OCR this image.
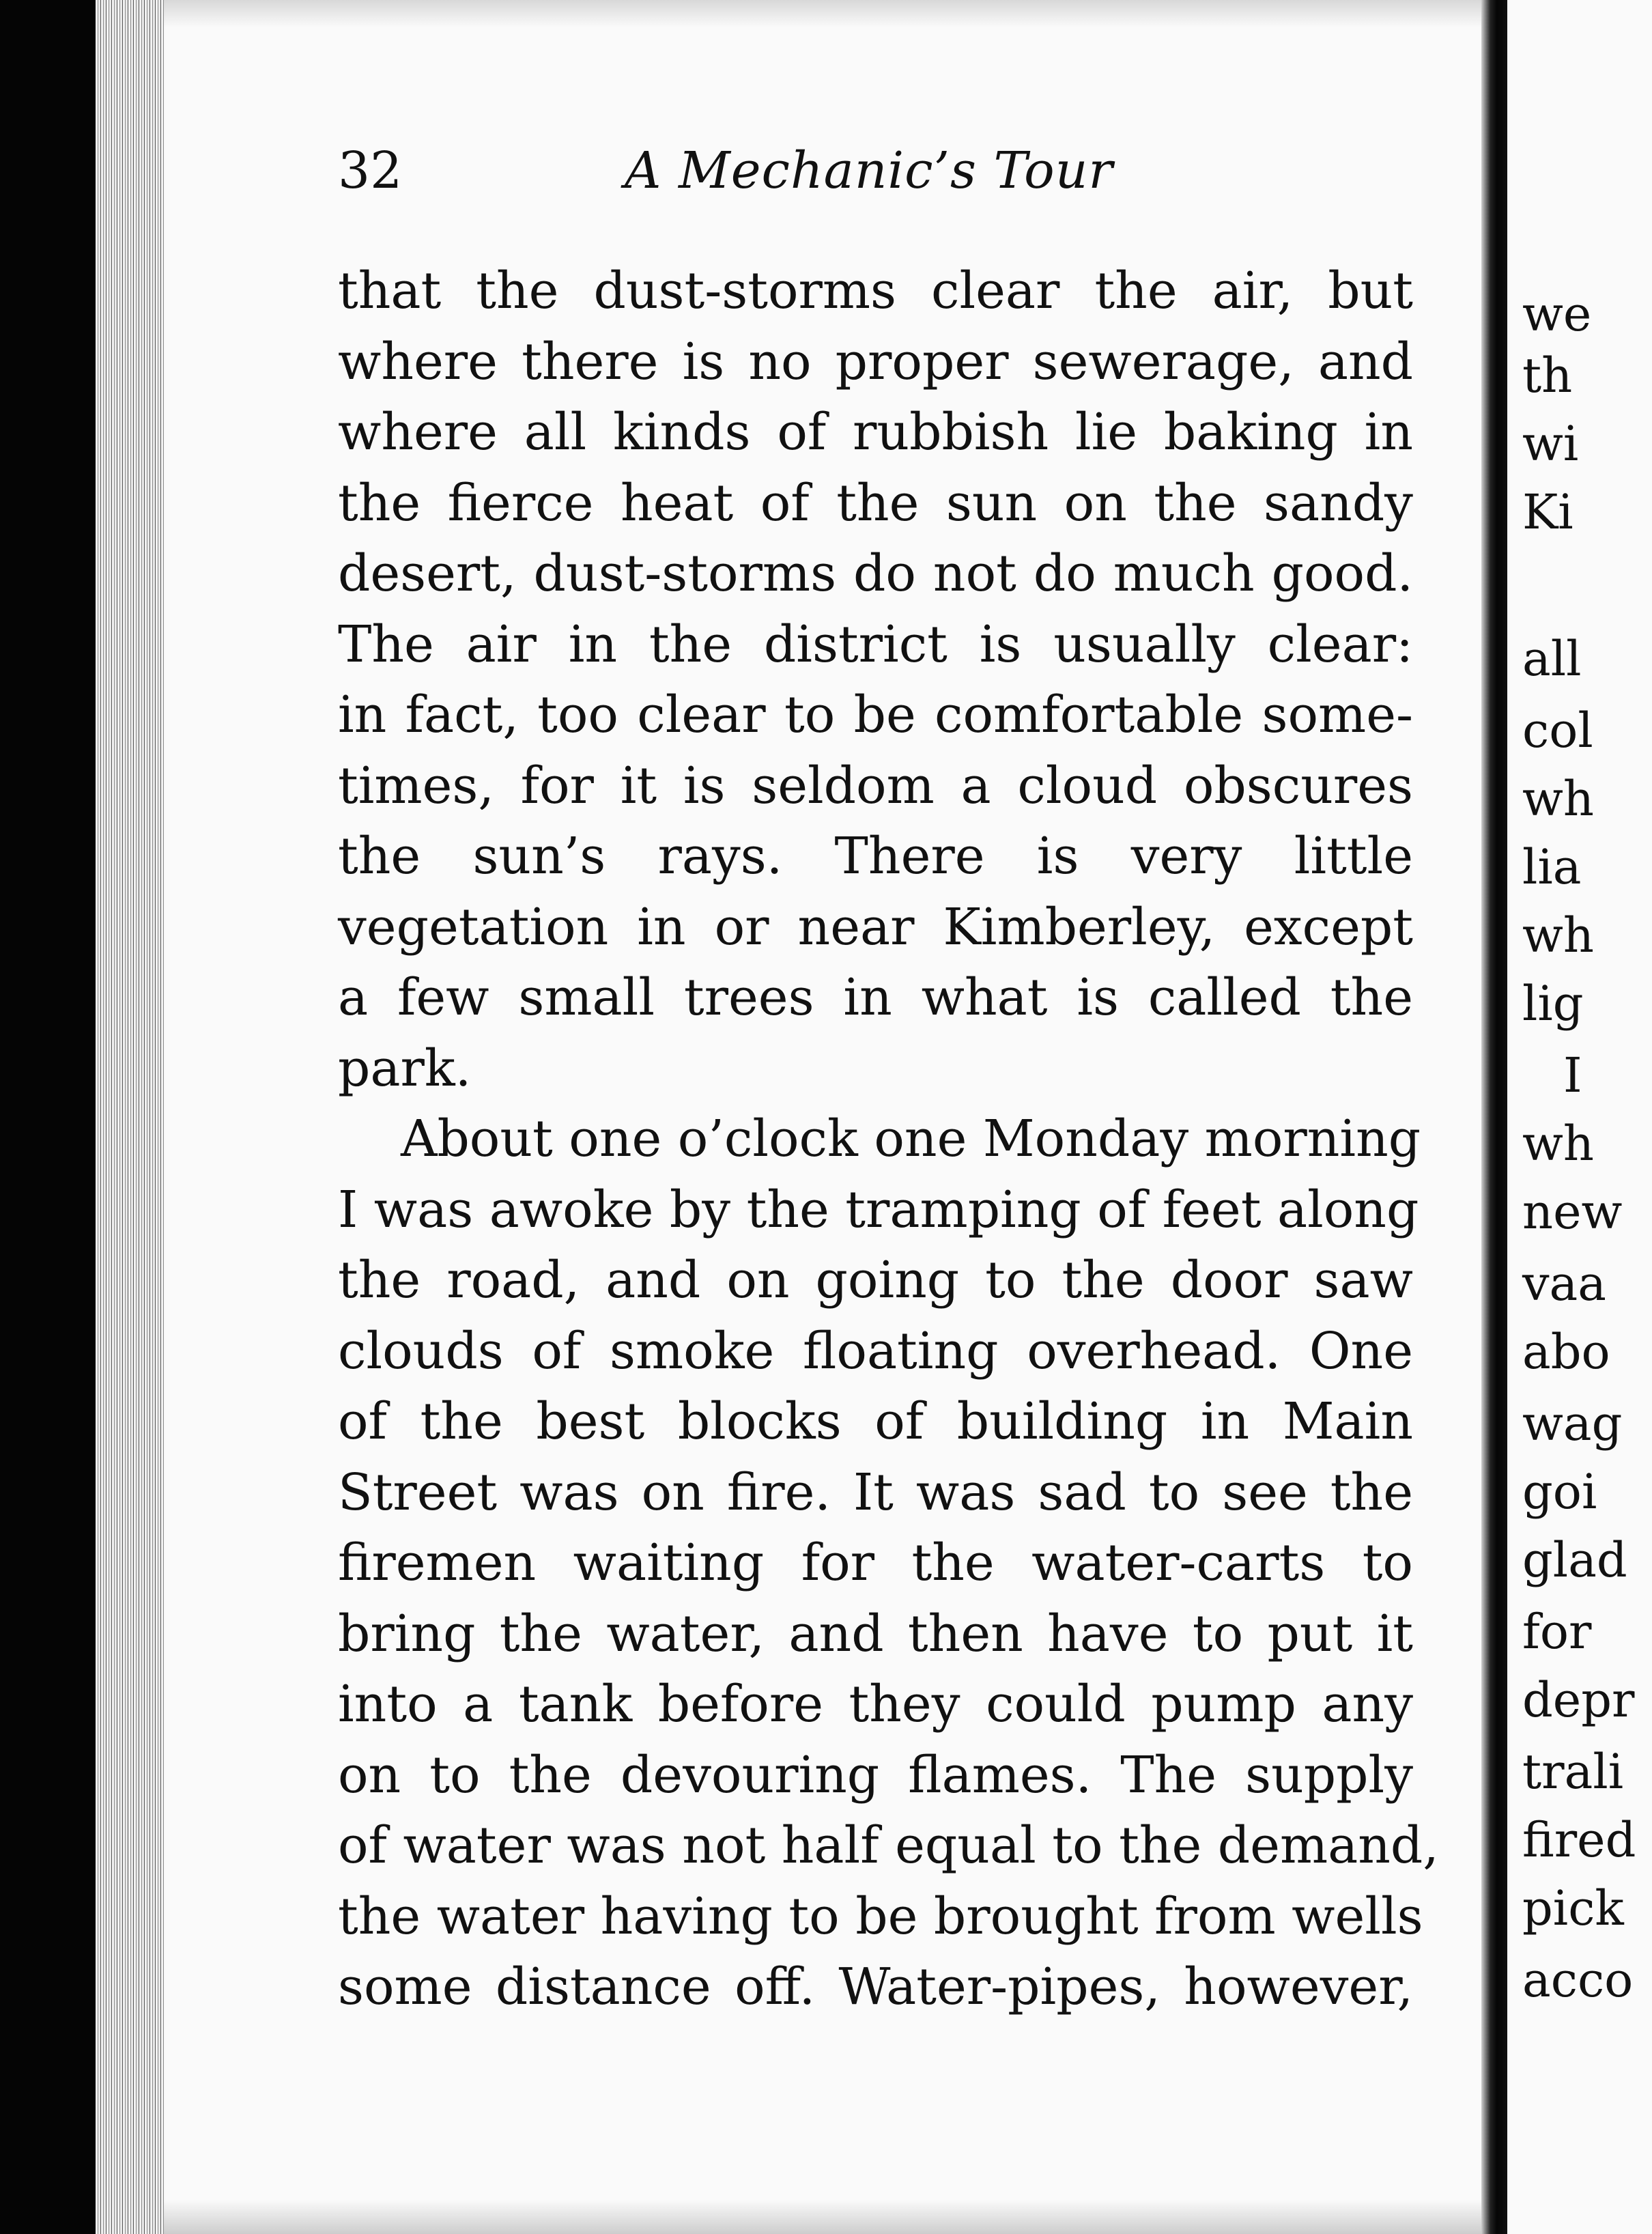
32	A Mechanic’s Tour
that the dust-storms clear the air, but
where there is no proper sewerage, and
where all kinds of rubbish lie baking in
the fierce heat of the sun on the sandy
desert, dust-storms do not do much good.
The air in the district is usually clear:
in fact, too clear to be comfortable some-
times, for it is seldom a cloud obscures
the sun’s rays. There is very little
vegetation in or near Kimberley, except
a few small trees in what is called the
park.
About one o’clock one Monday morning
I was awoke by the tramping of feet along
the road, and on going to the door saw
clouds of smoke floating overhead. One
of the best blocks of building in Main
Street was on fire. It was sad to see the
firemen waiting for the water-carts to
bring the water, and then have to put it
into a tank before they could pump any
on to the devouring flames. The supply
of water was not half equal to the demand,
the water having to be brought from wells
some distance off. Water-pipes, however,
we
th
wi
Ki
all
col
wh
lia
wh
lig
I
wh
new
vaa
abo
wag
goi
glad
for
depr
trali
fired
pick
acco
